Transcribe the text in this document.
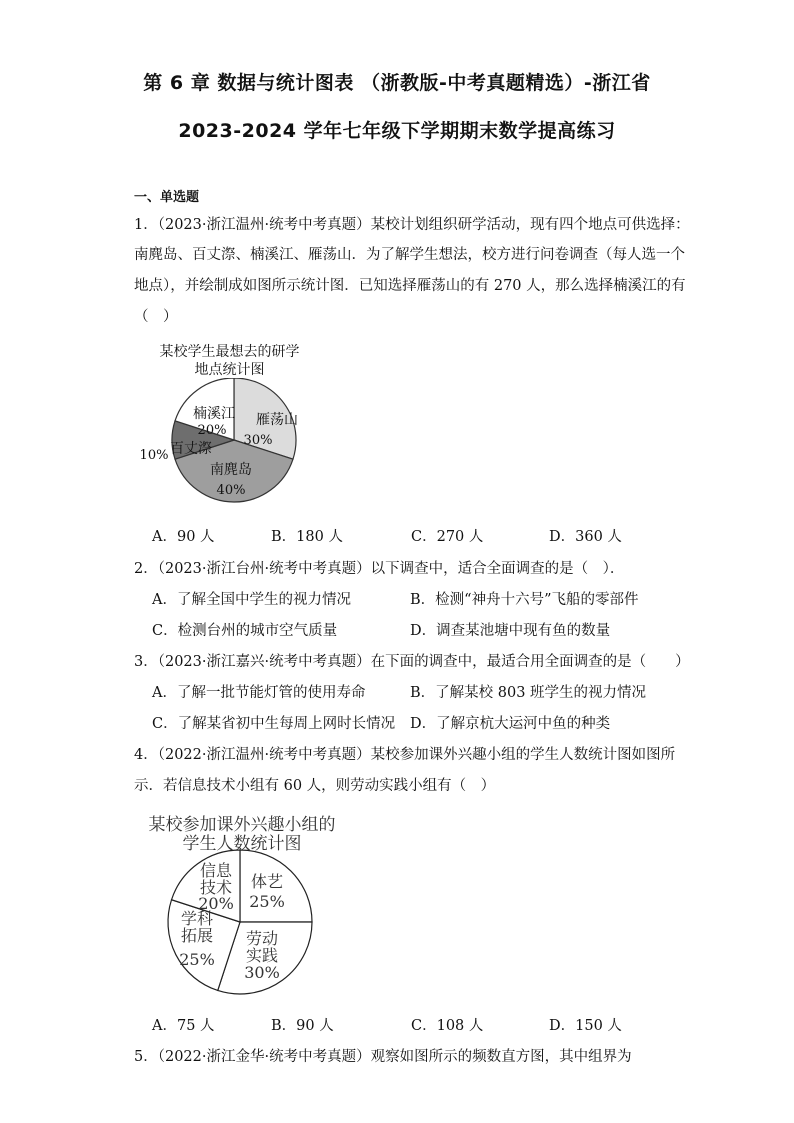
第 6 章 数据与统计图表 （浙教版-中考真题精选）-浙江省
2023-2024 学年七年级下学期期末数学提高练习
一、单选题
1．（2023·浙江温州·统考中考真题）某校计划组织研学活动，现有四个地点可供选择：
南麂岛、百丈漈、楠溪江、雁荡山．为了解学生想法，校方进行问卷调查（每人选一个
地点），并绘制成如图所示统计图．已知选择雁荡山的有 270 人，那么选择楠溪江的有
（　）
某校学生最想去的研学
地点统计图
雁荡山
30%
南麂岛
40%
百丈漈
10%
楠溪江
20%
A．90 人	B．180 人	C．270 人	D．360 人
2．（2023·浙江台州·统考中考真题）以下调查中，适合全面调查的是（　）．
A．了解全国中学生的视力情况	B．检测“神舟十六号”飞船的零部件
C．检测台州的城市空气质量	D．调查某池塘中现有鱼的数量
3．（2023·浙江嘉兴·统考中考真题）在下面的调查中，最适合用全面调查的是（　　）
A．了解一批节能灯管的使用寿命	B．了解某校 803 班学生的视力情况
C．了解某省初中生每周上网时长情况 D．了解京杭大运河中鱼的种类
4．（2022·浙江温州·统考中考真题）某校参加课外兴趣小组的学生人数统计图如图所
示．若信息技术小组有 60 人，则劳动实践小组有（　）
某校参加课外兴趣小组的
学生人数统计图
体艺
25%
劳动
实践
30%
学科
拓展
25%
信息
技术
20%
A．75 人	B．90 人	C．108 人	D．150 人
5．（2022·浙江金华·统考中考真题）观察如图所示的频数直方图，其中组界为
